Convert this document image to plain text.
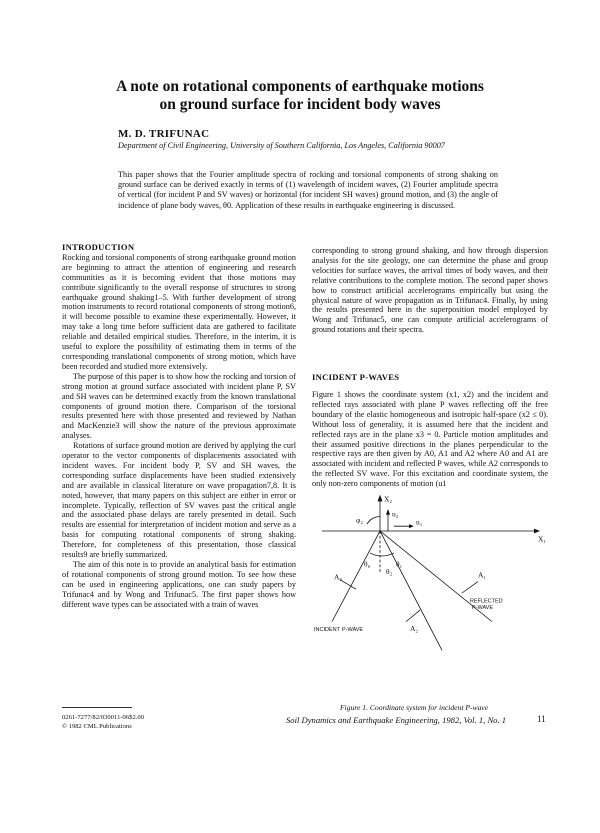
A note on rotational components of earthquake motions
on ground surface for incident body waves
M. D. TRIFUNAC
Department of Civil Engineering, University of Southern California, Los Angeles, California 90007
This paper shows that the Fourier amplitude spectra of rocking and torsional components of strong shaking on ground surface can be derived exactly in terms of (1) wavelength of incident waves, (2) Fourier amplitude spectra of vertical (for incident P and SV waves) or horizontal (for incident SH waves) ground motion, and (3) the angle of incidence of plane body waves, θ0. Application of these results in earthquake engineering is discussed.

INTRODUCTION

Rocking and torsional components of strong earthquake ground motion are beginning to attract the attention of engineering and research communities as it is becoming evident that those motions may contribute significantly to the overall response of structures to strong earthquake ground shaking1–5. With further development of strong motion instruments to record rotational components of strong motion6, it will become possible to examine these experimentally. However, it may take a long time before sufficient data are gathered to facilitate reliable and detailed empirical studies. Therefore, in the interim, it is useful to explore the possibility of estimating them in terms of the corresponding translational components of strong motion, which have been recorded and studied more extensively.

The purpose of this paper is to show how the rocking and torsion of strong motion at ground surface associated with incident plane P, SV and SH waves can be determined exactly from the known translational components of ground motion there. Comparison of the torsional results presented here with those presented and reviewed by Nathan and MacKenzie3 will show the nature of the previous approximate analyses.

Rotations of surface ground motion are derived by applying the curl operator to the vector components of displacements associated with incident waves. For incident body P, SV and SH waves, the corresponding surface displacements have been studied extensively and are available in classical literature on wave propagation7,8. It is noted, however, that many papers on this subject are either in error or incomplete. Typically, reflection of SV waves past the critical angle and the associated phase delays are rarely presented in detail. Such results are essential for interpretation of incident motion and serve as a basis for computing rotational components of strong shaking. Therefore, for completeness of this presentation, those classical results9 are briefly summarized.

The aim of this note is to provide an analytical basis for estimation of rotational components of strong ground motion. To see how these can be used in engineering applications, one can study papers by Trifunac4 and by Wong and Trifunac5. The first paper shows how different wave types can be associated with a train of waves

corresponding to strong ground shaking, and how through dispersion analysis for the site geology, one can determine the phase and group velocities for surface waves, the arrival times of body waves, and their relative contributions to the complete motion. The second paper shows how to construct artificial accelerograms empirically but using the physical nature of wave propagation as in Trifunac4. Finally, by using the results presented here in the superposition model employed by Wong and Trifunac5, one can compute artificial accelerograms of ground rotations and their spectra.

INCIDENT P-WAVES

Figure 1 shows the coordinate system (x1, x2) and the incident and reflected rays associated with plane P waves reflecting off the free boundary of the elastic homogeneous and isotropic half-space (x2 ≤ 0). Without loss of generality, it is assumed here that the incident and reflected rays are in the plane x3 = 0. Particle motion amplitudes and their assumed positive directions in the planes perpendicular to the respective rays are then given by A0, A1 and A2 where A0 and A1 are associated with incident and reflected P waves, while A2 corresponds to the reflected SV wave. For this excitation and coordinate system, the only non-zero components of motion (u1

X₂
X₁
u₂
u₁
φ₂
θ₀	θ₁
θ₂
A₀	A₁
A₂
REFLECTED
P-WAVE
INCIDENT P-WAVE
Figure 1. Coordinate system for incident P-wave
0261-7277/82/030011-06$2.00
© 1982 CML Publications
Soil Dynamics and Earthquake Engineering, 1982, Vol. 1, No. 1	11
